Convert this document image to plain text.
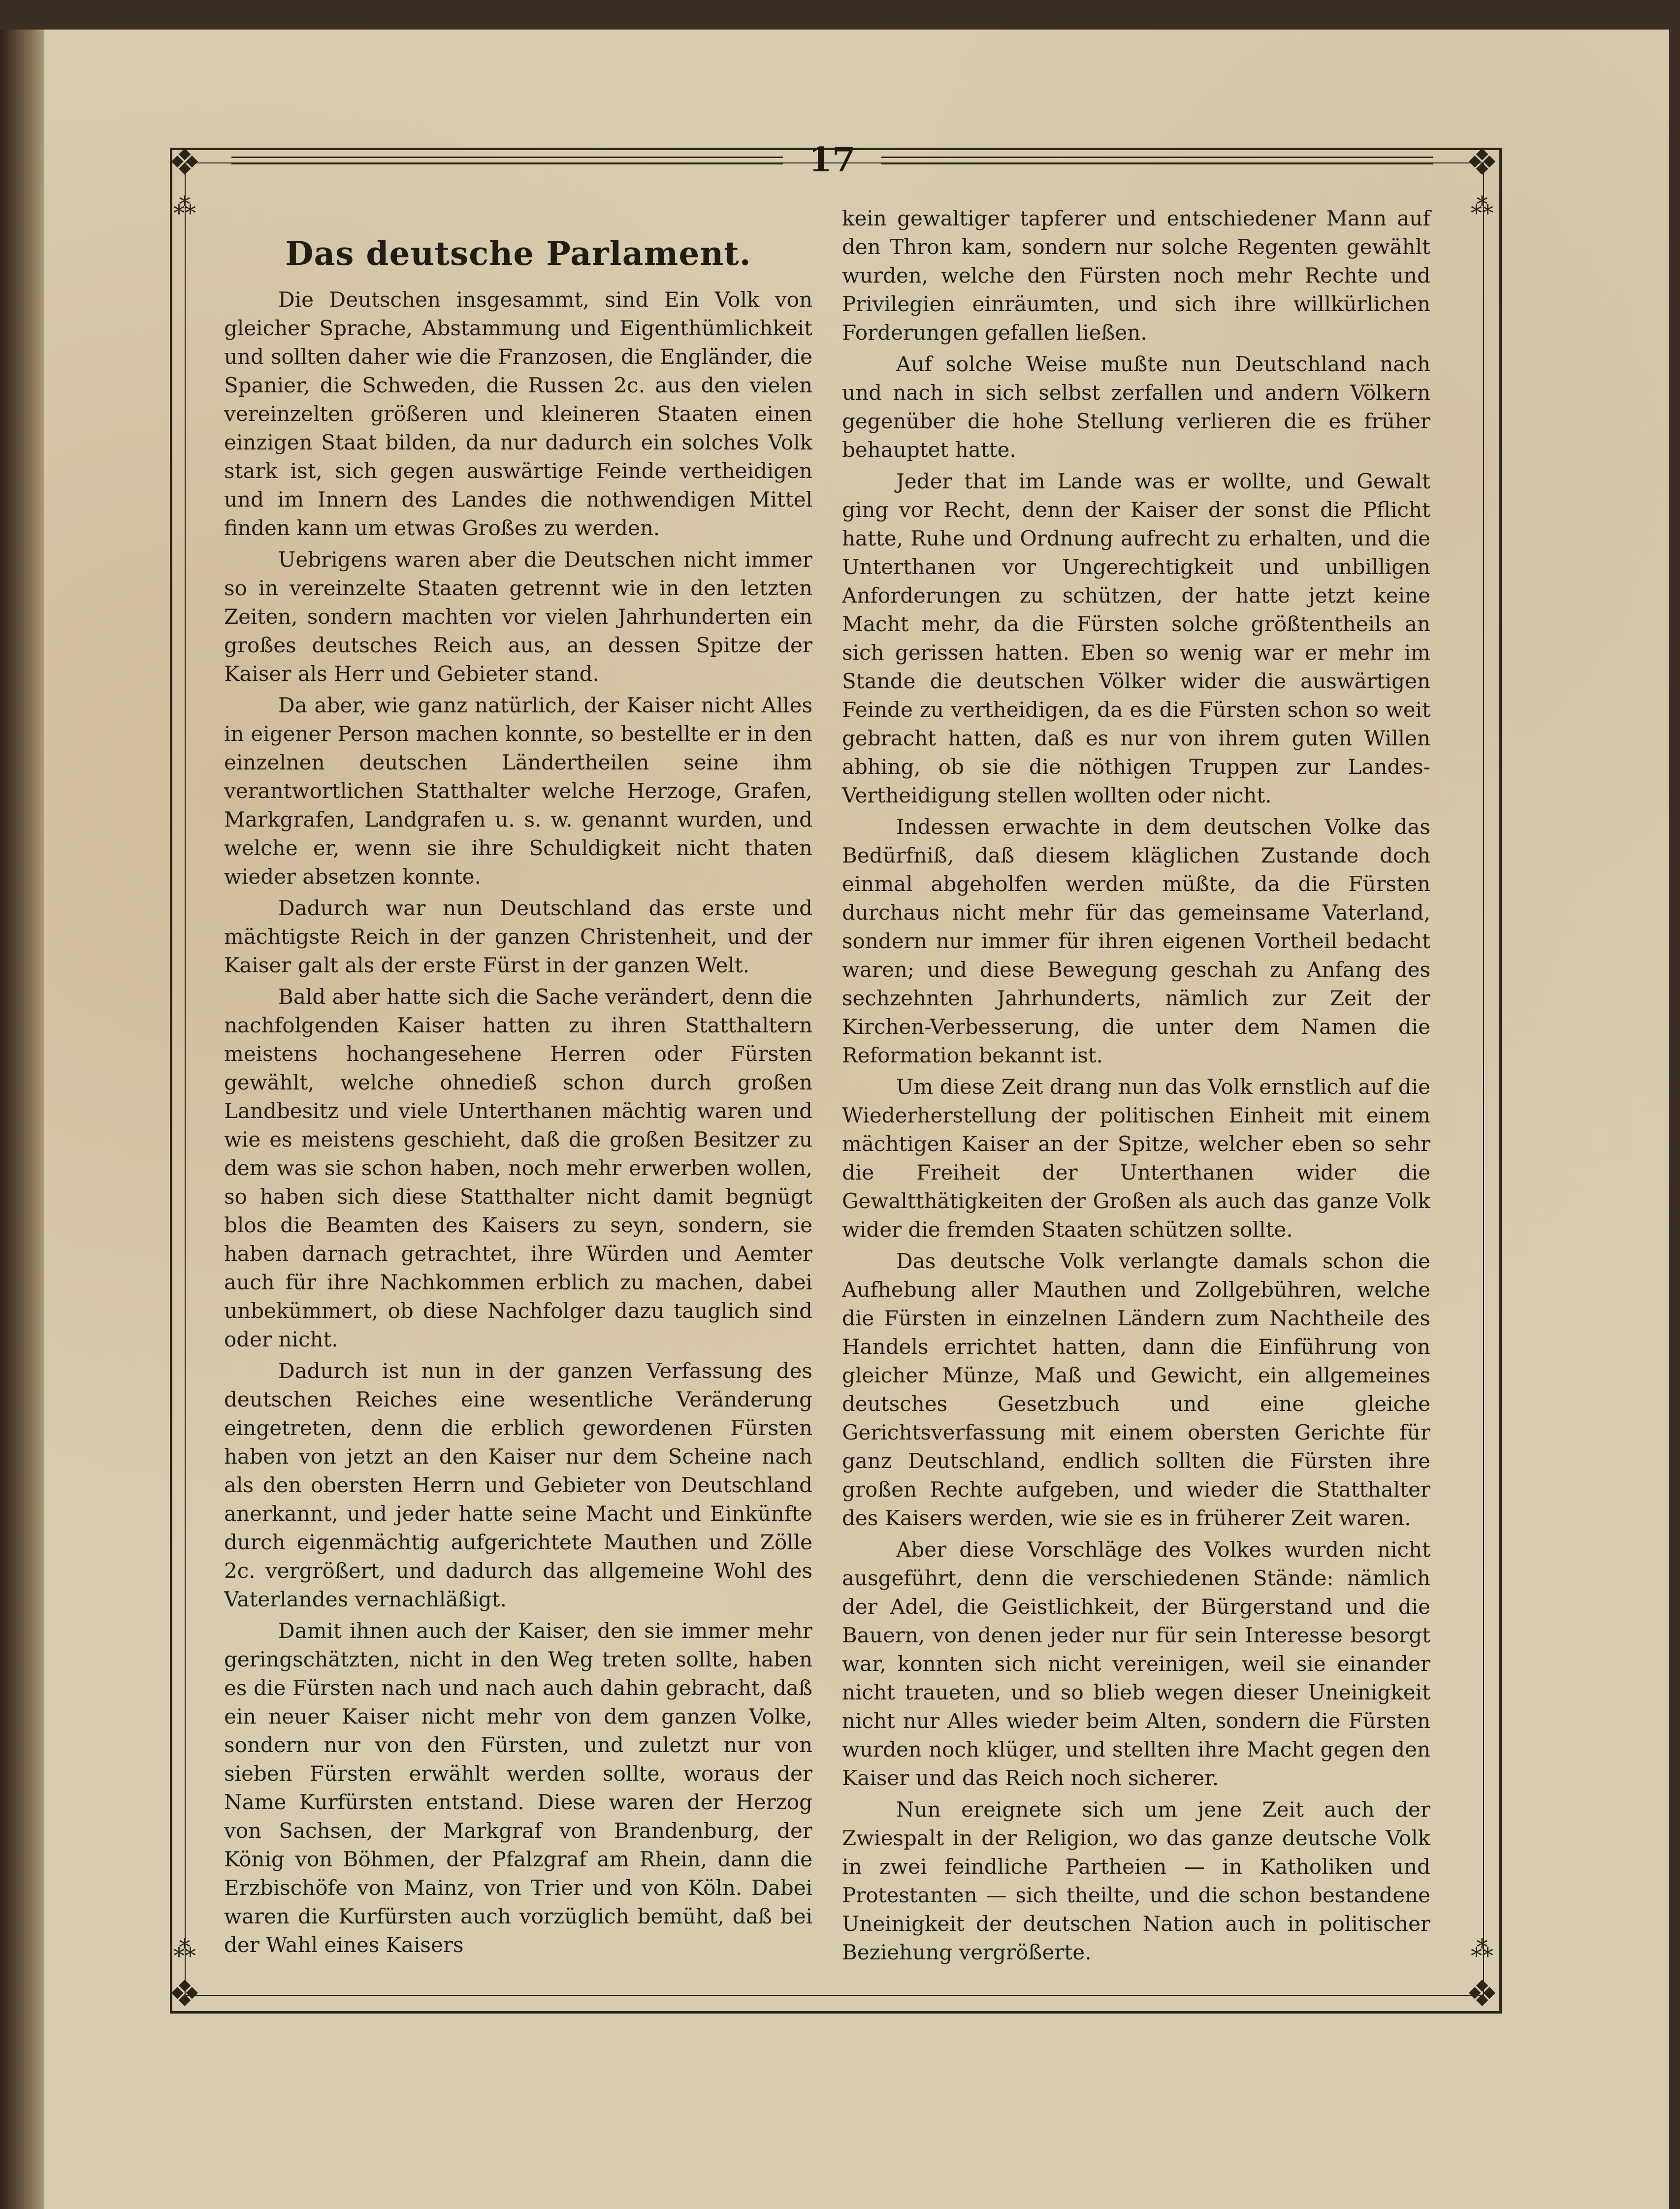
❖	❖
❖	❖
⁂	⁂
⁂	⁂
17
Das deutsche Parlament.

Die Deutschen insgesammt, sind Ein Volk von gleicher Sprache, Abstammung und Eigenthümlichkeit und sollten daher wie die Franzosen, die Engländer, die Spanier, die Schweden, die Russen 2c. aus den vielen vereinzelten größeren und kleineren Staaten einen einzigen Staat bilden, da nur dadurch ein solches Volk stark ist, sich gegen auswärtige Feinde vertheidigen und im Innern des Landes die nothwendigen Mittel finden kann um etwas Großes zu werden.

Uebrigens waren aber die Deutschen nicht immer so in vereinzelte Staaten getrennt wie in den letzten Zeiten, sondern machten vor vielen Jahrhunderten ein großes deutsches Reich aus, an dessen Spitze der Kaiser als Herr und Gebieter stand.

Da aber, wie ganz natürlich, der Kaiser nicht Alles in eigener Person machen konnte, so bestellte er in den einzelnen deutschen Ländertheilen seine ihm verantwortlichen Statthalter welche Herzoge, Grafen, Markgrafen, Landgrafen u. s. w. genannt wurden, und welche er, wenn sie ihre Schuldigkeit nicht thaten wieder absetzen konnte.

Dadurch war nun Deutschland das erste und mächtigste Reich in der ganzen Christenheit, und der Kaiser galt als der erste Fürst in der ganzen Welt.

Bald aber hatte sich die Sache verändert, denn die nachfolgenden Kaiser hatten zu ihren Statthaltern meistens hochangesehene Herren oder Fürsten gewählt, welche ohnedieß schon durch großen Landbesitz und viele Unterthanen mächtig waren und wie es meistens geschieht, daß die großen Besitzer zu dem was sie schon haben, noch mehr erwerben wollen, so haben sich diese Statthalter nicht damit begnügt blos die Beamten des Kaisers zu seyn, sondern, sie haben darnach getrachtet, ihre Würden und Aemter auch für ihre Nachkommen erblich zu machen, dabei unbekümmert, ob diese Nachfolger dazu tauglich sind oder nicht.

Dadurch ist nun in der ganzen Verfassung des deutschen Reiches eine wesentliche Veränderung eingetreten, denn die erblich gewordenen Fürsten haben von jetzt an den Kaiser nur dem Scheine nach als den obersten Herrn und Gebieter von Deutschland anerkannt, und jeder hatte seine Macht und Einkünfte durch eigenmächtig aufgerichtete Mauthen und Zölle 2c. vergrößert, und dadurch das allgemeine Wohl des Vaterlandes vernachläßigt.

Damit ihnen auch der Kaiser, den sie immer mehr geringschätzten, nicht in den Weg treten sollte, haben es die Fürsten nach und nach auch dahin gebracht, daß ein neuer Kaiser nicht mehr von dem ganzen Volke, sondern nur von den Fürsten, und zuletzt nur von sieben Fürsten erwählt werden sollte, woraus der Name Kurfürsten entstand. Diese waren der Herzog von Sachsen, der Markgraf von Brandenburg, der König von Böhmen, der Pfalzgraf am Rhein, dann die Erzbischöfe von Mainz, von Trier und von Köln. Dabei waren die Kurfürsten auch vorzüglich bemüht, daß bei der Wahl eines Kaisers

kein gewaltiger tapferer und entschiedener Mann auf den Thron kam, sondern nur solche Regenten gewählt wurden, welche den Fürsten noch mehr Rechte und Privilegien einräumten, und sich ihre willkürlichen Forderungen gefallen ließen.

Auf solche Weise mußte nun Deutschland nach und nach in sich selbst zerfallen und andern Völkern gegenüber die hohe Stellung verlieren die es früher behauptet hatte.

Jeder that im Lande was er wollte, und Gewalt ging vor Recht, denn der Kaiser der sonst die Pflicht hatte, Ruhe und Ordnung aufrecht zu erhalten, und die Unterthanen vor Ungerechtigkeit und unbilligen Anforderungen zu schützen, der hatte jetzt keine Macht mehr, da die Fürsten solche größtentheils an sich gerissen hatten. Eben so wenig war er mehr im Stande die deutschen Völker wider die auswärtigen Feinde zu vertheidigen, da es die Fürsten schon so weit gebracht hatten, daß es nur von ihrem guten Willen abhing, ob sie die nöthigen Truppen zur Landes-Vertheidigung stellen wollten oder nicht.

Indessen erwachte in dem deutschen Volke das Bedürfniß, daß diesem kläglichen Zustande doch einmal abgeholfen werden müßte, da die Fürsten durchaus nicht mehr für das gemeinsame Vaterland, sondern nur immer für ihren eigenen Vortheil bedacht waren; und diese Bewegung geschah zu Anfang des sechzehnten Jahrhunderts, nämlich zur Zeit der Kirchen-Verbesserung, die unter dem Namen die Reformation bekannt ist.

Um diese Zeit drang nun das Volk ernstlich auf die Wiederherstellung der politischen Einheit mit einem mächtigen Kaiser an der Spitze, welcher eben so sehr die Freiheit der Unterthanen wider die Gewaltthätigkeiten der Großen als auch das ganze Volk wider die fremden Staaten schützen sollte.

Das deutsche Volk verlangte damals schon die Aufhebung aller Mauthen und Zollgebühren, welche die Fürsten in einzelnen Ländern zum Nachtheile des Handels errichtet hatten, dann die Einführung von gleicher Münze, Maß und Gewicht, ein allgemeines deutsches Gesetzbuch und eine gleiche Gerichtsverfassung mit einem obersten Gerichte für ganz Deutschland, endlich sollten die Fürsten ihre großen Rechte aufgeben, und wieder die Statthalter des Kaisers werden, wie sie es in früherer Zeit waren.

Aber diese Vorschläge des Volkes wurden nicht ausgeführt, denn die verschiedenen Stände: nämlich der Adel, die Geistlichkeit, der Bürgerstand und die Bauern, von denen jeder nur für sein Interesse besorgt war, konnten sich nicht vereinigen, weil sie einander nicht traueten, und so blieb wegen dieser Uneinigkeit nicht nur Alles wieder beim Alten, sondern die Fürsten wurden noch klüger, und stellten ihre Macht gegen den Kaiser und das Reich noch sicherer.

Nun ereignete sich um jene Zeit auch der Zwiespalt in der Religion, wo das ganze deutsche Volk in zwei feindliche Partheien — in Katholiken und Protestanten — sich theilte, und die schon bestandene Uneinigkeit der deutschen Nation auch in politischer Beziehung vergrößerte.
